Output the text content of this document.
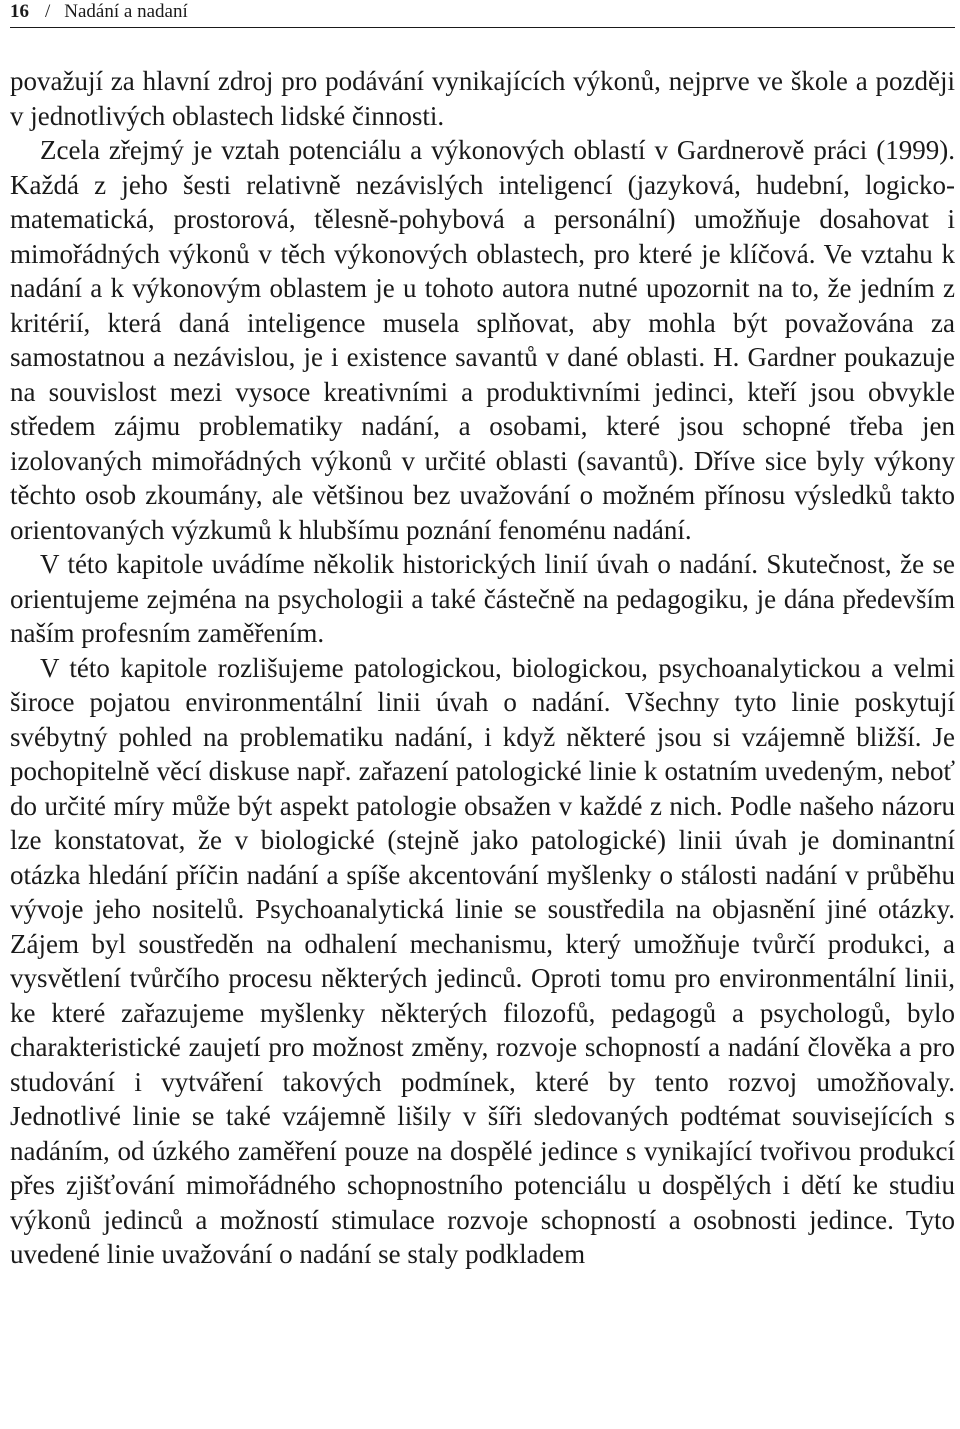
16 / Nadání a nadaní

považují za hlavní zdroj pro podávání vynikajících výkonů, nejprve ve škole a později v jednotlivých oblastech lidské činnosti.

Zcela zřejmý je vztah potenciálu a výkonových oblastí v Gardnerově práci (1999). Každá z jeho šesti relativně nezávislých inteligencí (jazyková, hudební, logicko-matematická, prostorová, tělesně-pohybová a personální) umožňuje dosahovat i mimořádných výkonů v těch výkonových oblastech, pro které je klíčová. Ve vztahu k nadání a k výkonovým oblastem je u tohoto autora nutné upozornit na to, že jedním z kritérií, která daná inteligence musela splňovat, aby mohla být považována za samostatnou a nezávislou, je i existence savantů v dané oblasti. H. Gardner poukazuje na souvislost mezi vysoce kreativními a produktivními jedinci, kteří jsou obvykle středem zájmu problematiky nadání, a osobami, které jsou schopné třeba jen izolovaných mimořádných výkonů v určité oblasti (savantů). Dříve sice byly výkony těchto osob zkoumány, ale většinou bez uvažování o možném přínosu výsledků takto orientovaných výzkumů k hlubšímu poznání fenoménu nadání.

V této kapitole uvádíme několik historických linií úvah o nadání. Skutečnost, že se orientujeme zejména na psychologii a také částečně na pedagogiku, je dána především naším profesním zaměřením.

V této kapitole rozlišujeme patologickou, biologickou, psychoanalytickou a velmi široce pojatou environmentální linii úvah o nadání. Všechny tyto linie poskytují svébytný pohled na problematiku nadání, i když některé jsou si vzájemně bližší. Je pochopitelně věcí diskuse např. zařazení patologické linie k ostatním uvedeným, neboť do určité míry může být aspekt patologie obsažen v každé z nich. Podle našeho názoru lze konstatovat, že v biologické (stejně jako patologické) linii úvah je dominantní otázka hledání příčin nadání a spíše akcentování myšlenky o stálosti nadání v průběhu vývoje jeho nositelů. Psychoanalytická linie se soustředila na objasnění jiné otázky. Zájem byl soustředěn na odhalení mechanismu, který umožňuje tvůrčí produkci, a vysvětlení tvůrčího procesu některých jedinců. Oproti tomu pro environmentální linii, ke které zařazujeme myšlenky některých filozofů, pedagogů a psychologů, bylo charakteristické zaujetí pro možnost změny, rozvoje schopností a nadání člověka a pro studování i vytváření takových podmínek, které by tento rozvoj umožňovaly. Jednotlivé linie se také vzájemně lišily v šíři sledovaných podtémat souvisejících s nadáním, od úzkého zaměření pouze na dospělé jedince s vynikající tvořivou produkcí přes zjišťování mimořádného schopnostního potenciálu u dospělých i dětí ke studiu výkonů jedinců a možností stimulace rozvoje schopností a osobnosti jedince. Tyto uvedené linie uvažování o nadání se staly podkladem
